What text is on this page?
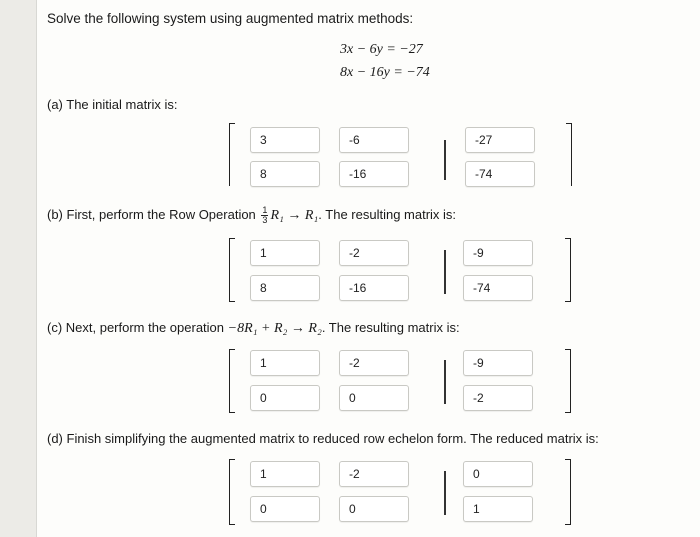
Solve the following system using augmented matrix methods:
3x − 6y = −27
8x − 16y = −74
(a) The initial matrix is:
3	-6	-27
8	-16	-74
(b) First, perform the Row Operation $\frac{1}{3} R_1 \to R_1$. The resulting matrix is:
1	-2	-9
8	-16	-74
(c) Next, perform the operation −8R₁ + R₂ → R₂. The resulting matrix is:
1	-2	-9
0	0	-2
(d) Finish simplifying the augmented matrix to reduced row echelon form. The reduced matrix is:
1	-2	0
0	0	1
